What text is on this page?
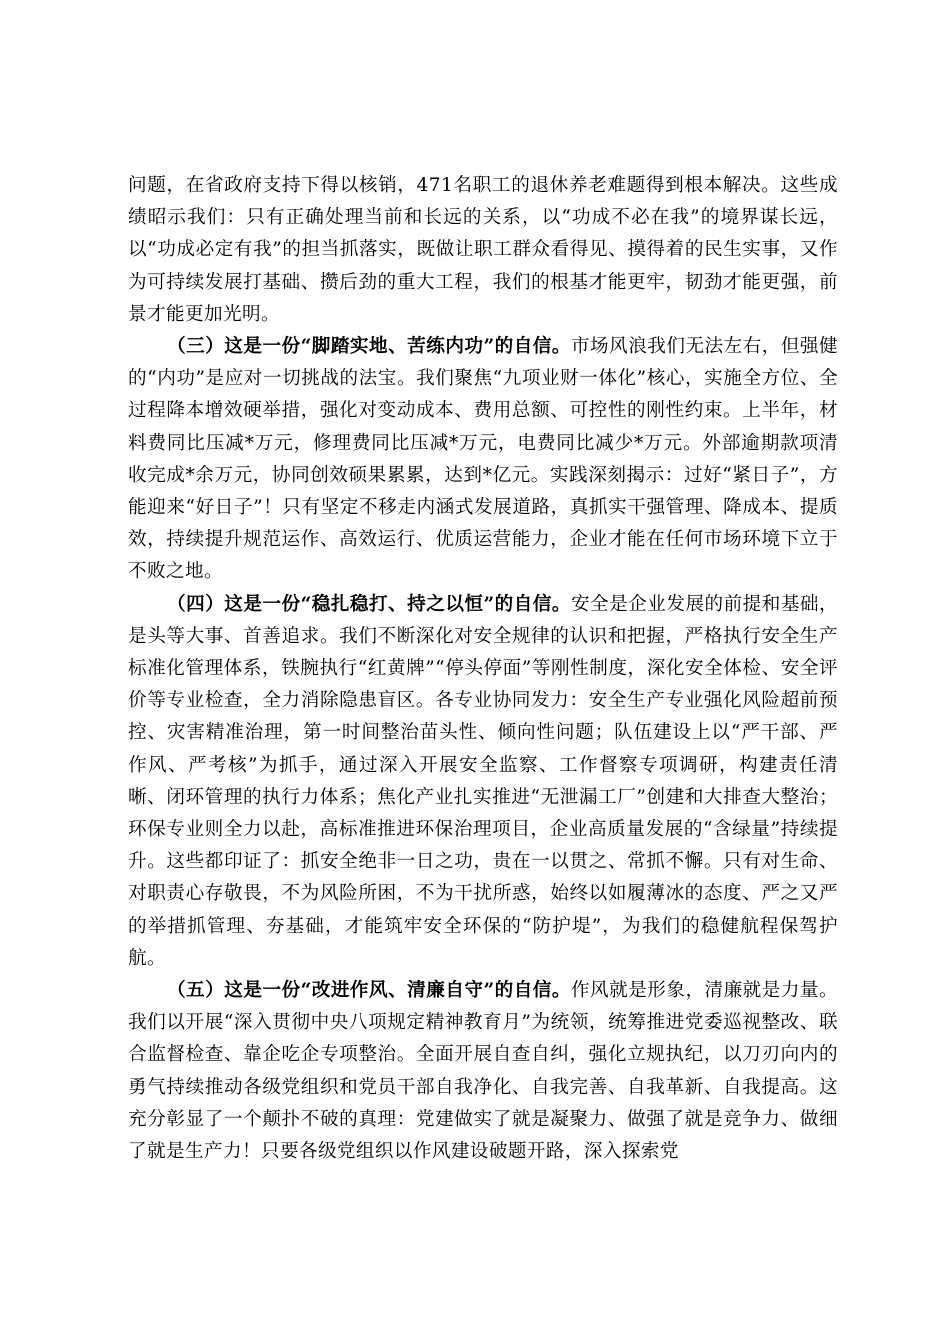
问题，在省政府支持下得以核销，471名职工的退休养老难题得到根本解决。这些成绩昭示我们：只有正确处理当前和长远的关系，以“功成不必在我”的境界谋长远，以“功成必定有我”的担当抓落实，既做让职工群众看得见、摸得着的民生实事，又作为可持续发展打基础、攒后劲的重大工程，我们的根基才能更牢，韧劲才能更强，前景才能更加光明。

（三）这是一份“脚踏实地、苦练内功”的自信。市场风浪我们无法左右，但强健的“内功”是应对一切挑战的法宝。我们聚焦“九项业财一体化”核心，实施全方位、全过程降本增效硬举措，强化对变动成本、费用总额、可控性的刚性约束。上半年，材料费同比压减*万元，修理费同比压减*万元，电费同比减少*万元。外部逾期款项清收完成*余万元，协同创效硕果累累，达到*亿元。实践深刻揭示：过好“紧日子”，方能迎来“好日子”！只有坚定不移走内涵式发展道路，真抓实干强管理、降成本、提质效，持续提升规范运作、高效运行、优质运营能力，企业才能在任何市场环境下立于不败之地。

（四）这是一份“稳扎稳打、持之以恒”的自信。安全是企业发展的前提和基础，是头等大事、首善追求。我们不断深化对安全规律的认识和把握，严格执行安全生产标准化管理体系，铁腕执行“红黄牌”“停头停面”等刚性制度，深化安全体检、安全评价等专业检查，全力消除隐患盲区。各专业协同发力：安全生产专业强化风险超前预控、灾害精准治理，第一时间整治苗头性、倾向性问题；队伍建设上以“严干部、严作风、严考核”为抓手，通过深入开展安全监察、工作督察专项调研，构建责任清晰、闭环管理的执行力体系；焦化产业扎实推进“无泄漏工厂”创建和大排查大整治；环保专业则全力以赴，高标准推进环保治理项目，企业高质量发展的“含绿量”持续提升。这些都印证了：抓安全绝非一日之功，贵在一以贯之、常抓不懈。只有对生命、对职责心存敬畏，不为风险所困，不为干扰所惑，始终以如履薄冰的态度、严之又严的举措抓管理、夯基础，才能筑牢安全环保的“防护堤”，为我们的稳健航程保驾护航。

（五）这是一份“改进作风、清廉自守”的自信。作风就是形象，清廉就是力量。我们以开展“深入贯彻中央八项规定精神教育月”为统领，统筹推进党委巡视整改、联合监督检查、靠企吃企专项整治。全面开展自查自纠，强化立规执纪，以刀刃向内的勇气持续推动各级党组织和党员干部自我净化、自我完善、自我革新、自我提高。这充分彰显了一个颠扑不破的真理：党建做实了就是凝聚力、做强了就是竞争力、做细了就是生产力！只要各级党组织以作风建设破题开路，深入探索党
